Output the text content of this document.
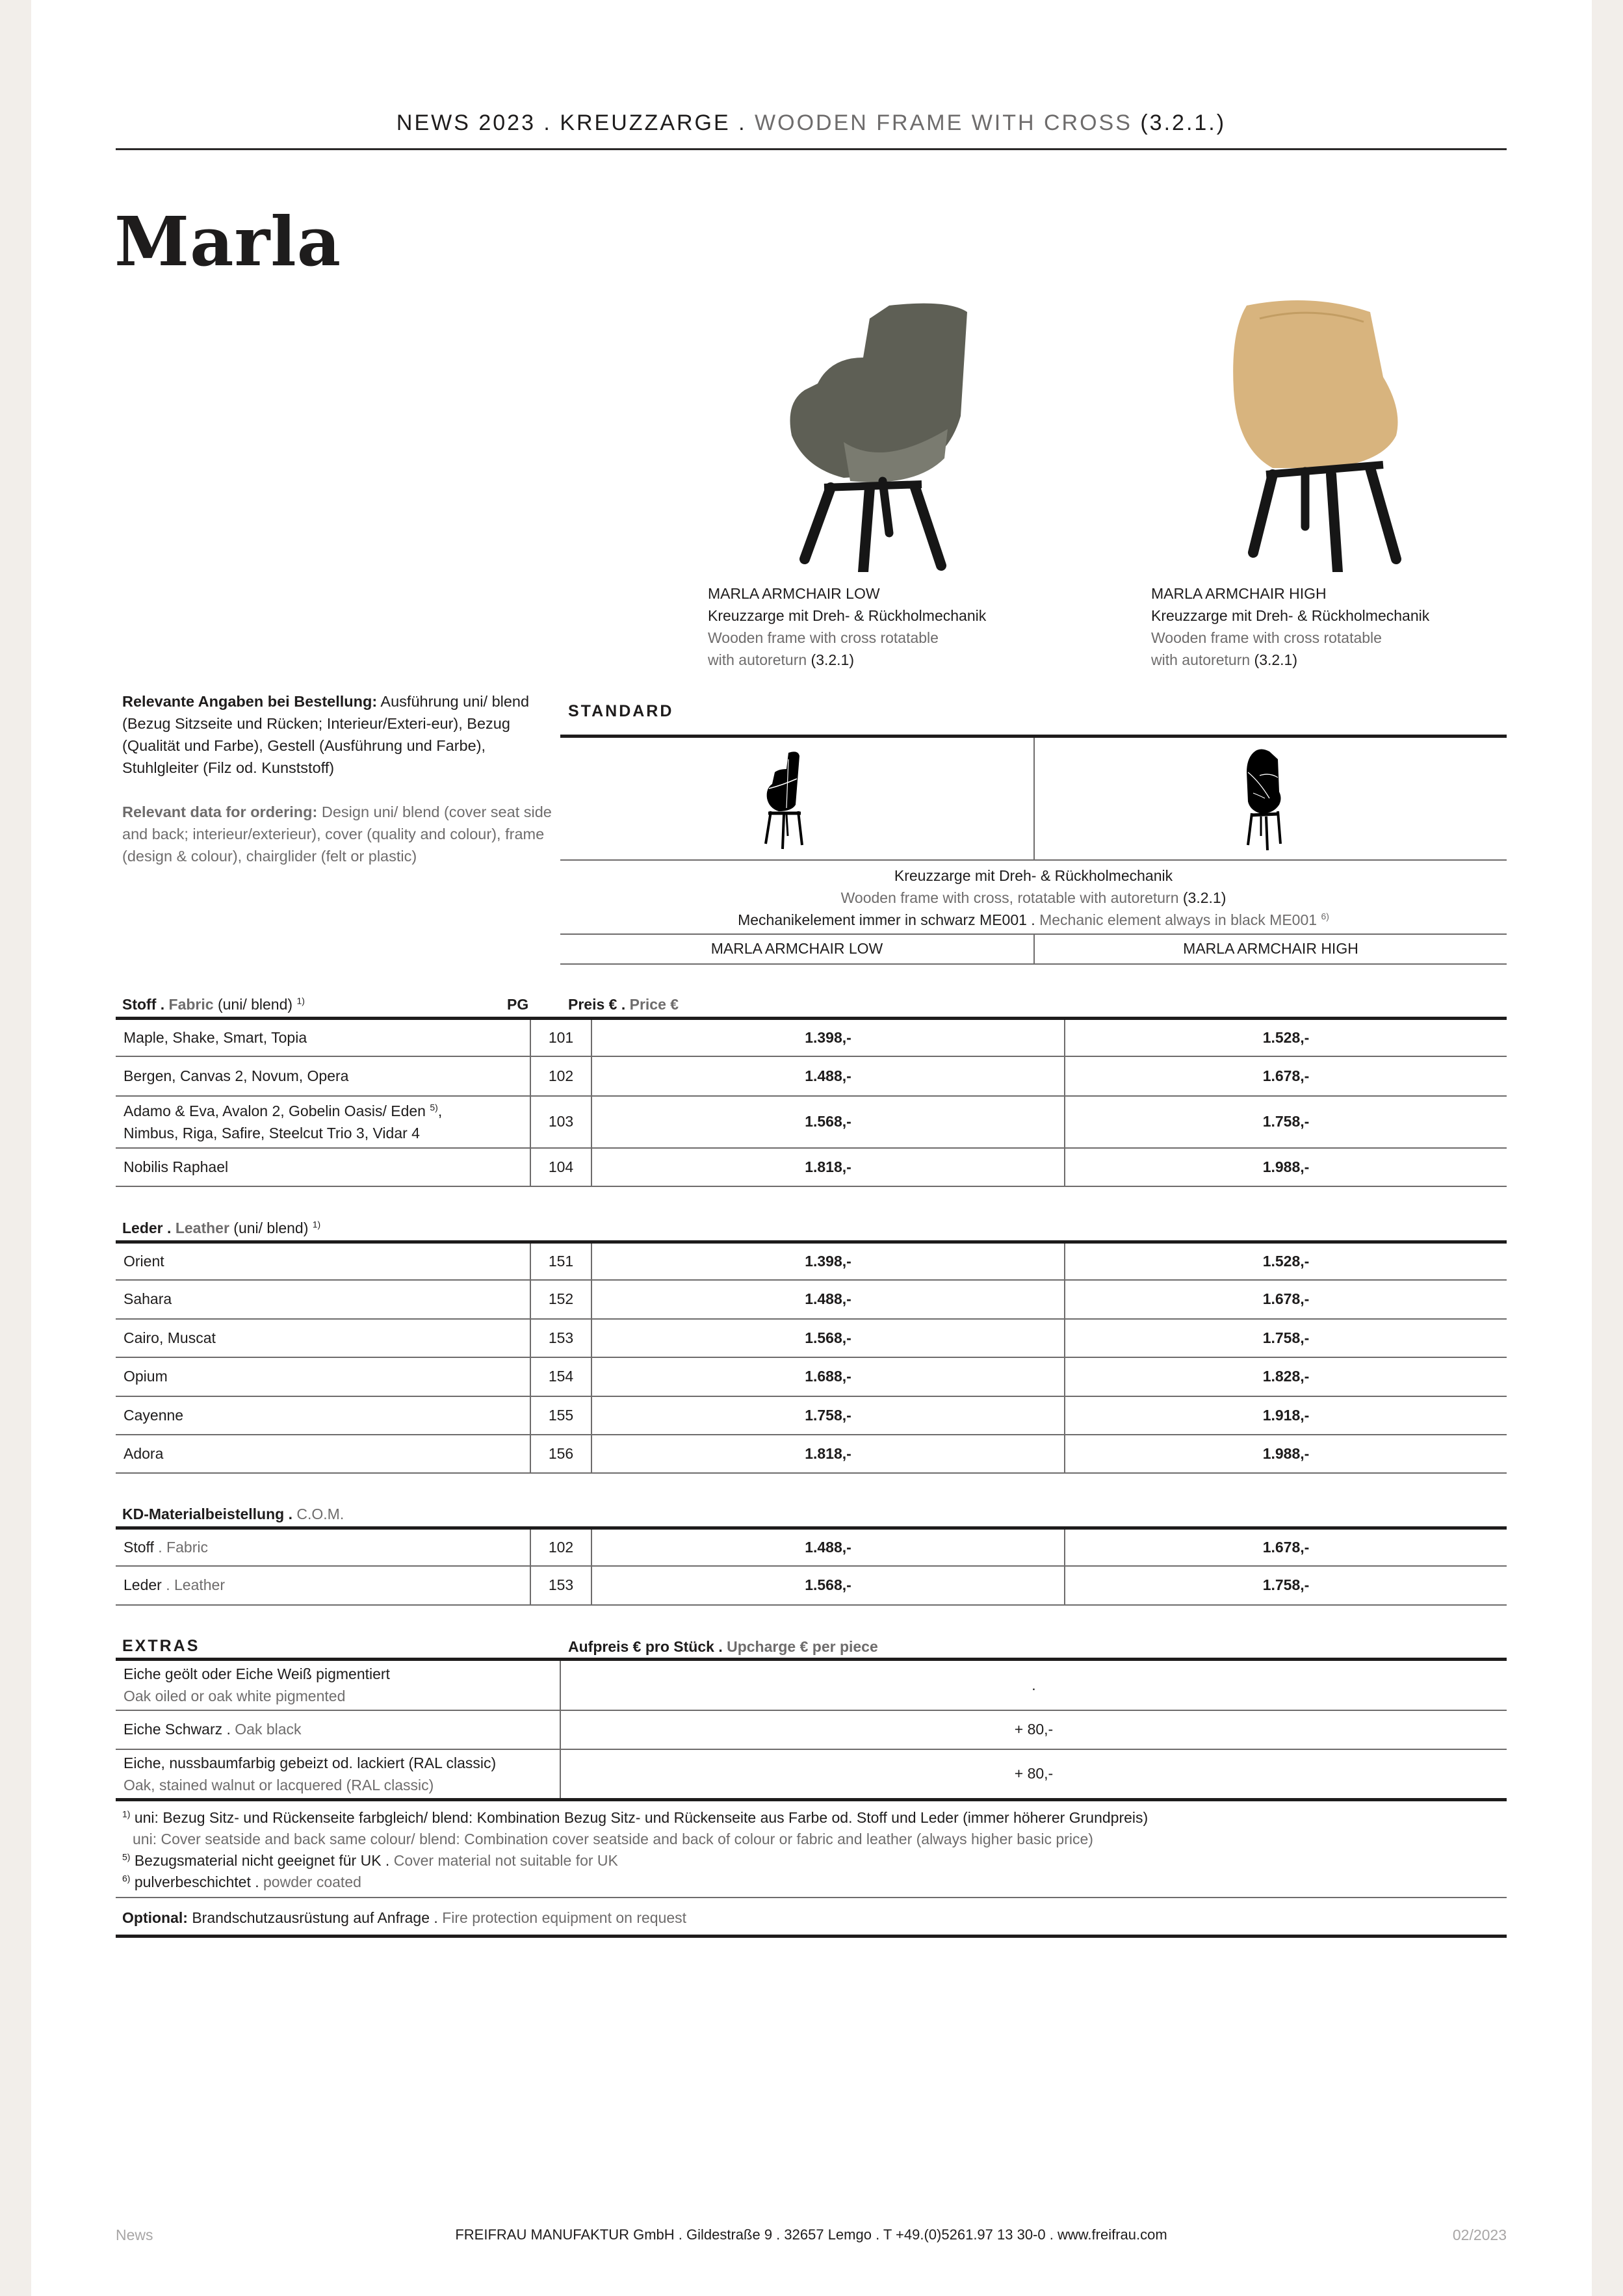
NEWS 2023 . KREUZZARGE . WOODEN FRAME WITH CROSS (3.2.1.)
Marla
MARLA ARMCHAIR LOW
Kreuzzarge mit Dreh- & Rückholmechanik
Wooden frame with cross rotatable
with autoreturn (3.2.1)
MARLA ARMCHAIR HIGH
Kreuzzarge mit Dreh- & Rückholmechanik
Wooden frame with cross rotatable
with autoreturn (3.2.1)

Relevante Angaben bei Bestellung: Ausführung uni/ blend (Bezug Sitzseite und Rücken; Interieur/Exteri-eur), Bezug (Qualität und Farbe), Gestell (Ausführung und Farbe), Stuhlgleiter (Filz od. Kunststoff)

Relevant data for ordering: Design uni/ blend (cover seat side and back; interieur/exterieur), cover (quality and colour), frame (design & colour), chairglider (felt or plastic)

STANDARD
Kreuzzarge mit Dreh- & Rückholmechanik
Wooden frame with cross, rotatable with autoreturn (3.2.1)
Mechanikelement immer in schwarz ME001 . Mechanic element always in black ME001 $^{6)}$
MARLA ARMCHAIR LOW	MARLA ARMCHAIR HIGH
Stoff . Fabric (uni/ blend) $^{1)}$	PG	Preis € . Price €
Maple, Shake, Smart, Topia	101	1.398,-	1.528,-
Bergen, Canvas 2, Novum, Opera	102	1.488,-	1.678,-
Adamo & Eva, Avalon 2, Gobelin Oasis/ Eden $^{5)}$,
Nimbus, Riga, Safire, Steelcut Trio 3, Vidar 4	103	1.568,-	1.758,-
Nobilis Raphael	104	1.818,-	1.988,-
Leder . Leather (uni/ blend) $^{1)}$
Orient	151	1.398,-	1.528,-
Sahara	152	1.488,-	1.678,-
Cairo, Muscat	153	1.568,-	1.758,-
Opium	154	1.688,-	1.828,-
Cayenne	155	1.758,-	1.918,-
Adora	156	1.818,-	1.988,-
KD-Materialbeistellung . C.O.M.
Stoff . Fabric	102	1.488,-	1.678,-
Leder . Leather	153	1.568,-	1.758,-
EXTRAS	Aufpreis € pro Stück . Upcharge € per piece
Eiche geölt oder Eiche Weiß pigmentiert
Oak oiled or oak white pigmented	.
Eiche Schwarz . Oak black	+ 80,-

Eiche, nussbaumfarbig gebeizt od. lackiert (RAL classic)
Oak, stained walnut or lacquered (RAL classic)	+ 80,-
$^{1)}$ uni: Bezug Sitz- und Rückenseite farbgleich/ blend: Kombination Bezug Sitz- und Rückenseite aus Farbe od. Stoff und Leder (immer höherer Grundpreis)
uni: Cover seatside and back same colour/ blend: Combination cover seatside and back of colour or fabric and leather (always higher basic price)
$^{5)}$ Bezugsmaterial nicht geeignet für UK . Cover material not suitable for UK
$^{6)}$ pulverbeschichtet . powder coated
Optional: Brandschutzausrüstung auf Anfrage . Fire protection equipment on request
News	FREIFRAU MANUFAKTUR GmbH . Gildestraße 9 . 32657 Lemgo . T +49.(0)5261.97 13 30-0 . www.freifrau.com	02/2023
